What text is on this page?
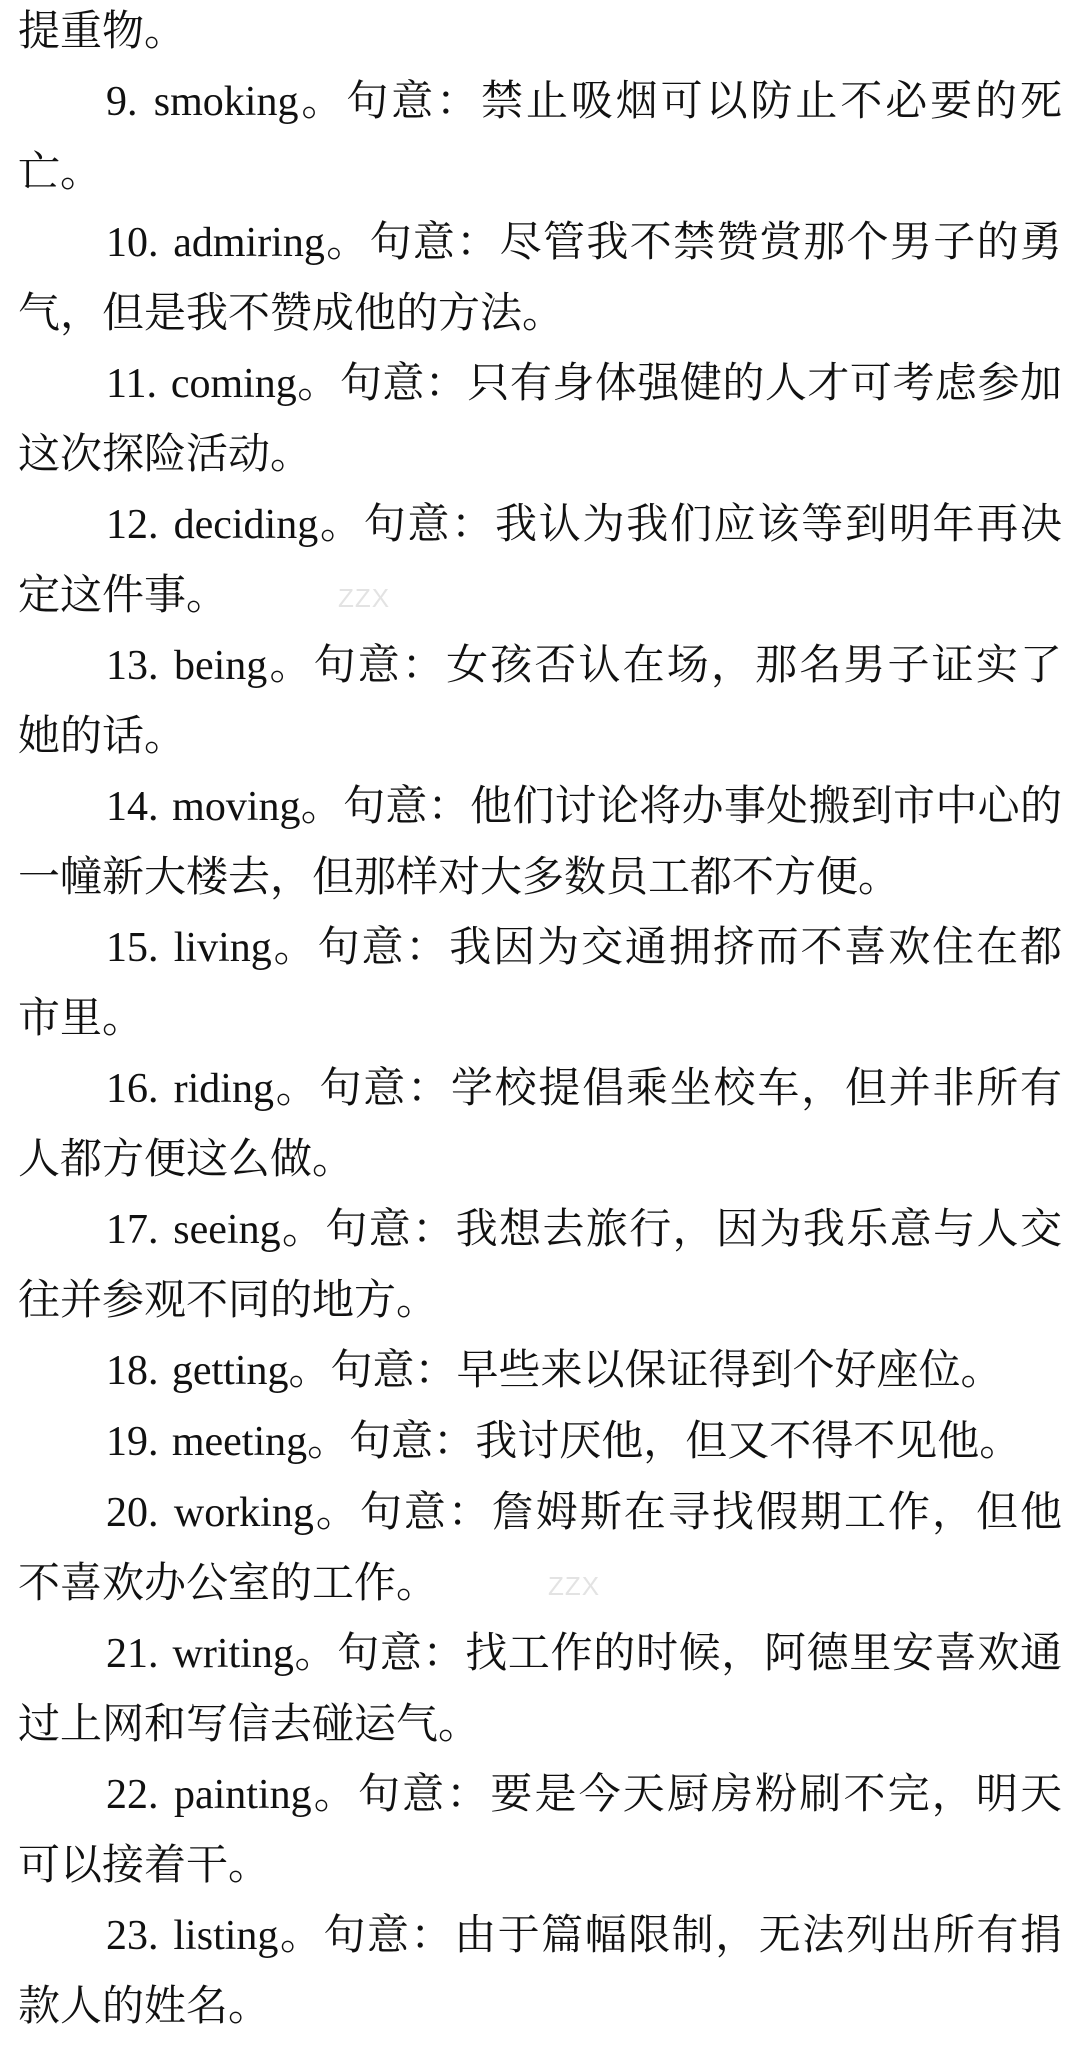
提重物。

9. smoking。句意：禁止吸烟可以防止不必要的死亡。

10. admiring。句意：尽管我不禁赞赏那个男子的勇气，但是我不赞成他的方法。

11. coming。句意：只有身体强健的人才可考虑参加这次探险活动。

12. deciding。句意：我认为我们应该等到明年再决定这件事。	ZZX

13. being。句意：女孩否认在场，那名男子证实了她的话。

14. moving。句意：他们讨论将办事处搬到市中心的一幢新大楼去，但那样对大多数员工都不方便。

15. living。句意：我因为交通拥挤而不喜欢住在都市里。

16. riding。句意：学校提倡乘坐校车，但并非所有人都方便这么做。

17. seeing。句意：我想去旅行，因为我乐意与人交往并参观不同的地方。

18. getting。句意：早些来以保证得到个好座位。

19. meeting。句意：我讨厌他，但又不得不见他。

20. working。句意：詹姆斯在寻找假期工作，但他不喜欢办公室的工作。	ZZX

21. writing。句意：找工作的时候，阿德里安喜欢通过上网和写信去碰运气。

22. painting。句意：要是今天厨房粉刷不完，明天可以接着干。

23. listing。句意：由于篇幅限制，无法列出所有捐款人的姓名。
